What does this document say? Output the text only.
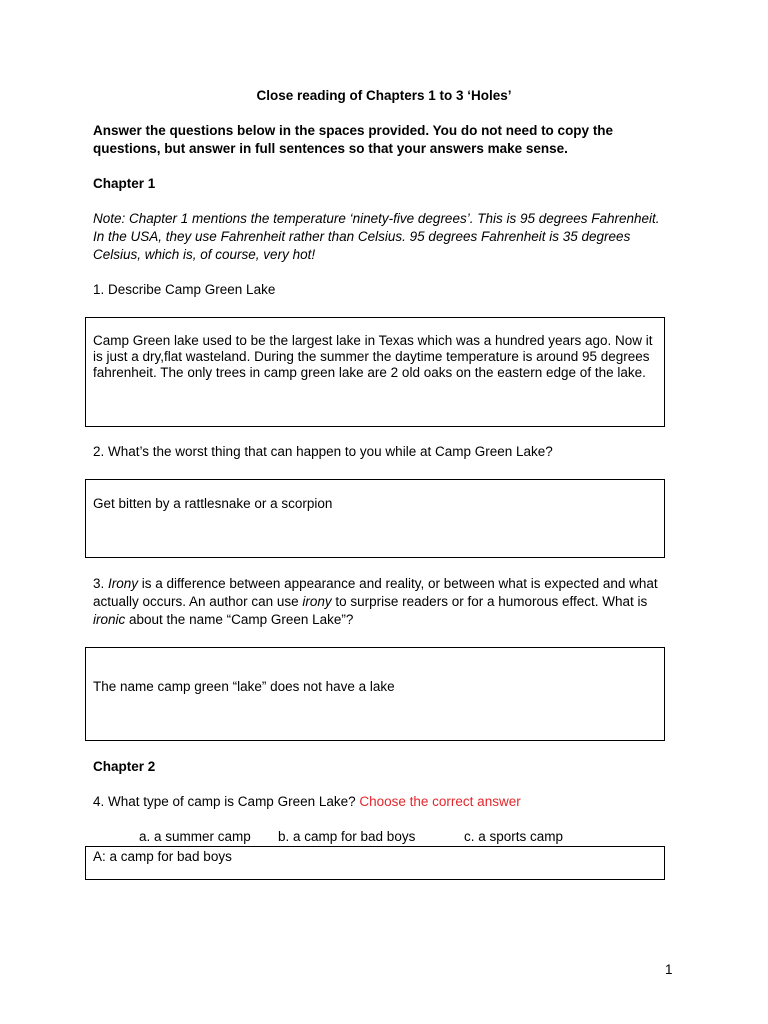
Close reading of Chapters 1 to 3 ‘Holes’
Answer the questions below in the spaces provided. You do not need to copy the questions, but answer in full sentences so that your answers make sense.
Chapter 1
Note: Chapter 1 mentions the temperature ‘ninety-five degrees’. This is 95 degrees Fahrenheit. In the USA, they use Fahrenheit rather than Celsius. 95 degrees Fahrenheit is 35 degrees Celsius, which is, of course, very hot!
1. Describe Camp Green Lake
Camp Green lake used to be the largest lake in Texas which was a hundred years ago. Now it is just a dry,flat wasteland. During the summer the daytime temperature is around 95 degrees fahrenheit. The only trees in camp green lake are 2 old oaks on the eastern edge of the lake.
2. What’s the worst thing that can happen to you while at Camp Green Lake?
Get bitten by a rattlesnake or a scorpion
3. Irony is a difference between appearance and reality, or between what is expected and what actually occurs. An author can use irony to surprise readers or for a humorous effect. What is ironic about the name “Camp Green Lake”?
The name camp green “lake” does not have a lake
Chapter 2
4. What type of camp is Camp Green Lake? Choose the correct answer

a. a summer camp

b. a camp for bad boys

	c. a sports camp

A: a camp for bad boys
1
